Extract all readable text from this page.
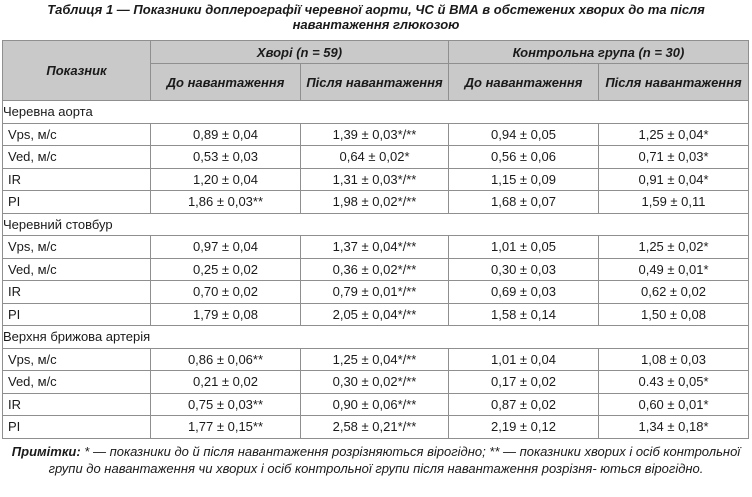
Таблиця 1 — Показники доплерографії черевної аорти, ЧС й ВМА в обстежених хворих до та після
навантаження глюкозою
Показник	Хворі (n = 59)		Контрольна група (n = 30)	
	До навантаження	Після навантаження	До навантаження	Після навантаження
Черевна аорта				
Vps, м/с	0,89 ± 0,04	1,39 ± 0,03*/**	0,94 ± 0,05	1,25 ± 0,04*
Ved, м/с	0,53 ± 0,03	0,64 ± 0,02*	0,56 ± 0,06	0,71 ± 0,03*
IR	1,20 ± 0,04	1,31 ± 0,03*/**	1,15 ± 0,09	0,91 ± 0,04*
PI	1,86 ± 0,03**	1,98 ± 0,02*/**	1,68 ± 0,07	1,59 ± 0,11
Черевний стовбур				
Vps, м/с	0,97 ± 0,04	1,37 ± 0,04*/**	1,01 ± 0,05	1,25 ± 0,02*
Ved, м/с	0,25 ± 0,02	0,36 ± 0,02*/**	0,30 ± 0,03	0,49 ± 0,01*
IR	0,70 ± 0,02	0,79 ± 0,01*/**	0,69 ± 0,03	0,62 ± 0,02
PI	1,79 ± 0,08	2,05 ± 0,04*/**	1,58 ± 0,14	1,50 ± 0,08
Верхня брижова артерія				
Vps, м/с	0,86 ± 0,06**	1,25 ± 0,04*/**	1,01 ± 0,04	1,08 ± 0,03
Ved, м/с	0,21 ± 0,02	0,30 ± 0,02*/**	0,17 ± 0,02	0.43 ± 0,05*
IR	0,75 ± 0,03**	0,90 ± 0,06*/**	0,87 ± 0,02	0,60 ± 0,01*
PI	1,77 ± 0,15**	2,58 ± 0,21*/**	2,19 ± 0,12	1,34 ± 0,18*
Примітки: * — показники до й після навантаження розрізняються вірогідно; ** — показники хворих і осіб контрольної групи до навантаження чи хворих і осіб контрольної групи після навантаження розрізня- ються вірогідно.
